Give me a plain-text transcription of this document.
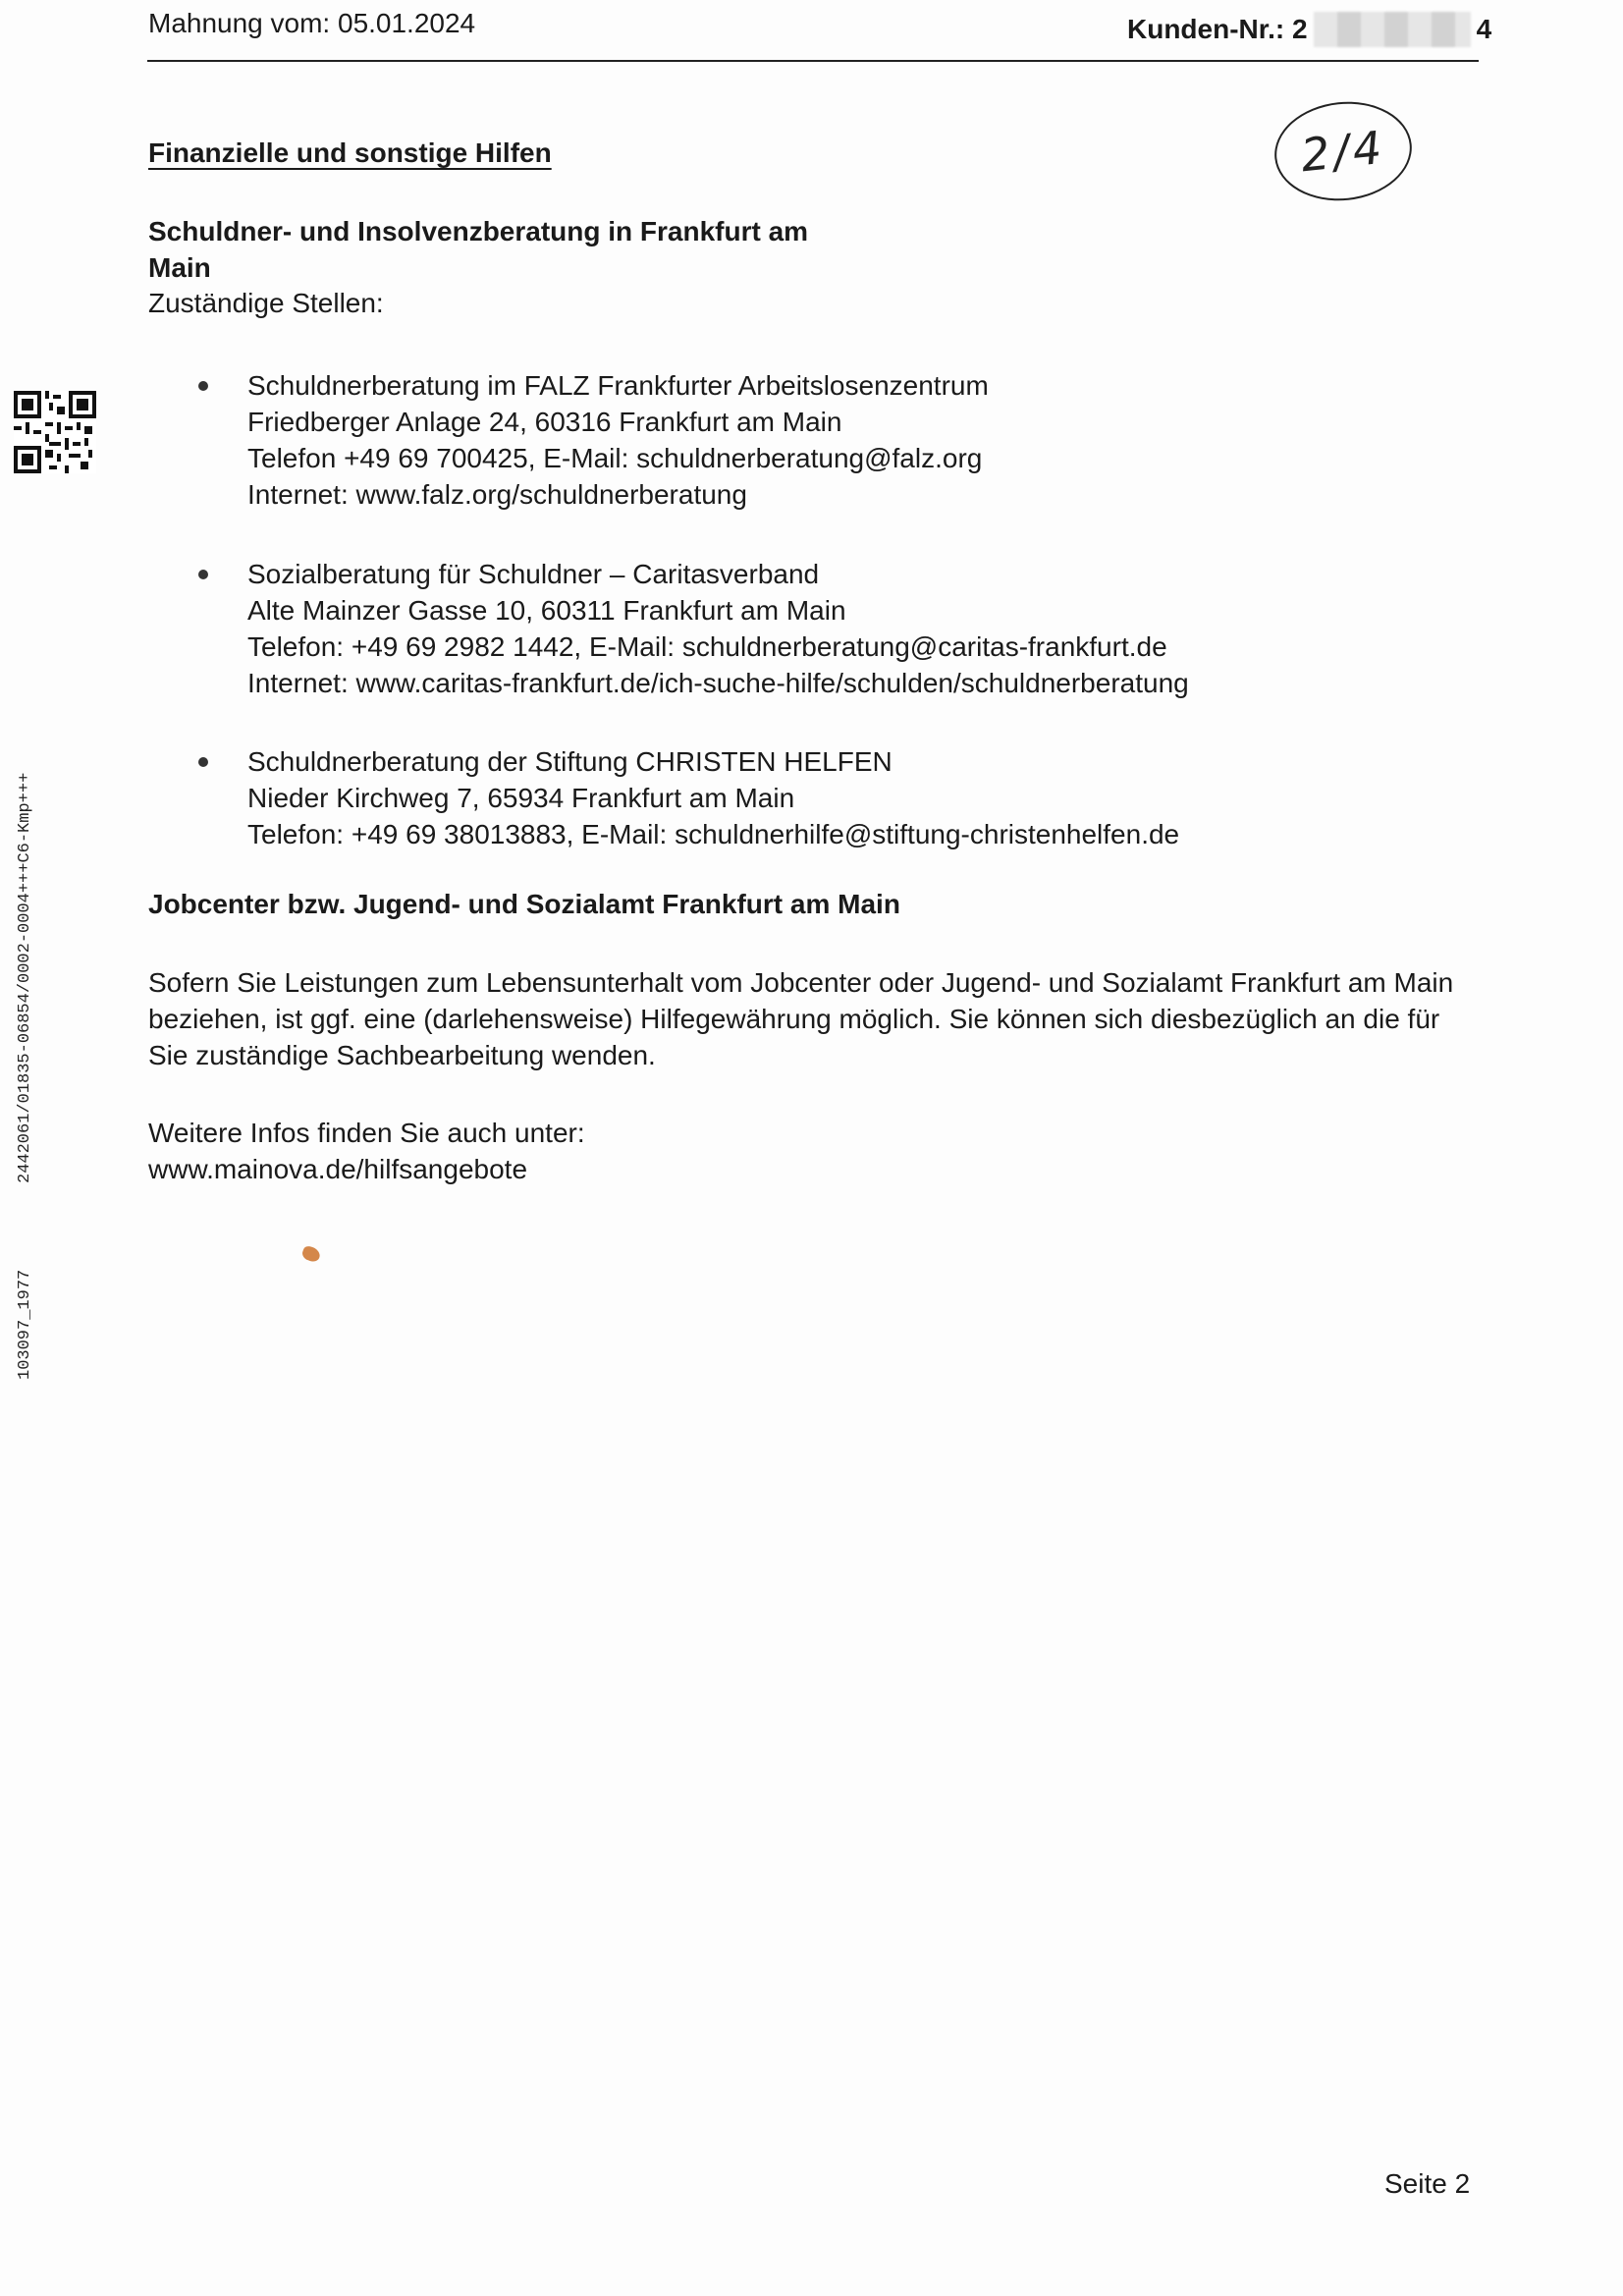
Mahnung vom: 05.01.2024	Kunden-Nr.: 2	4
2/4
Finanzielle und sonstige Hilfen
Schuldner- und Insolvenzberatung in Frankfurt am Main
Zuständige Stellen:
Schuldnerberatung im FALZ Frankfurter Arbeitslosenzentrum
Friedberger Anlage 24, 60316 Frankfurt am Main
Telefon +49 69 700425, E-Mail: schuldnerberatung@falz.org
Internet: www.falz.org/schuldnerberatung
Sozialberatung für Schuldner – Caritasverband
Alte Mainzer Gasse 10, 60311 Frankfurt am Main
Telefon: +49 69 2982 1442, E-Mail: schuldnerberatung@caritas-frankfurt.de
Internet: www.caritas-frankfurt.de/ich-suche-hilfe/schulden/schuldnerberatung
Schuldnerberatung der Stiftung CHRISTEN HELFEN
Nieder Kirchweg 7, 65934 Frankfurt am Main
Telefon: +49 69 38013883, E-Mail: schuldnerhilfe@stiftung-christenhelfen.de
Jobcenter bzw. Jugend- und Sozialamt Frankfurt am Main
Sofern Sie Leistungen zum Lebensunterhalt vom Jobcenter oder Jugend- und Sozialamt Frankfurt am Main beziehen, ist ggf. eine (darlehensweise) Hilfegewährung möglich. Sie können sich diesbezüglich an die für Sie zuständige Sachbearbeitung wenden.
Weitere Infos finden Sie auch unter:
www.mainova.de/hilfsangebote
2442061/01835-06854/0002-0004+++C6-Kmp+++
103097_1977
Seite 2
